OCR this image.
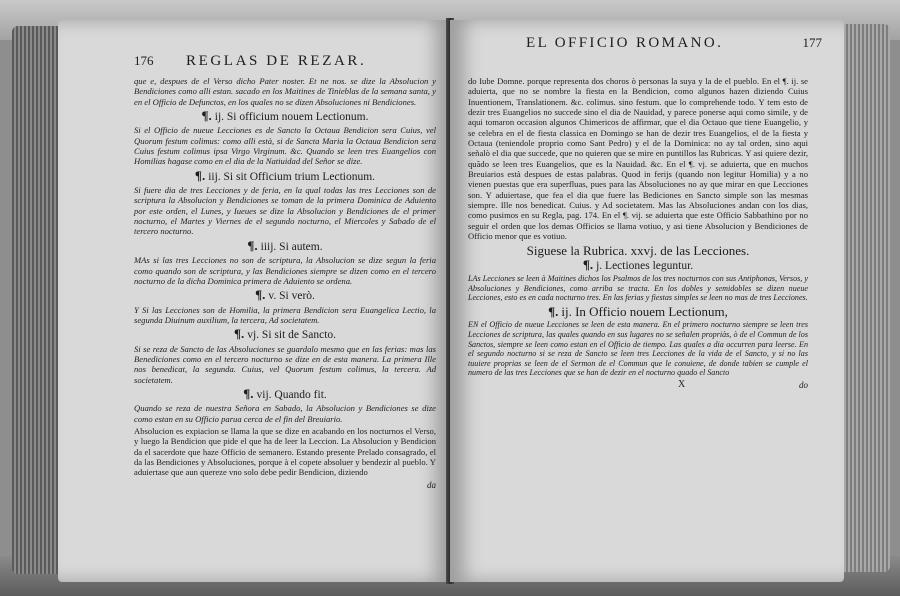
176 REGLAS DE REZAR.

que e, despues de el Verso dicho Pater noster. Et ne nos. se dize la Absolucion y Bendiciones como alli estan. sacado en los Maitines de Tinieblas de la semana santa, y en el Officio de Defunctos, en los quales no se dizen Absoluciones ni Bendiciones.

¶. ij. Si officium nouem Lectionum.

Si el Officio de nueue Lecciones es de Sancto la Octaua Bendicion sera Cuius, vel Quorum festum colimus: como alli està, si de Sancta Maria la Octaua Bendicion sera Cuius festum colimus ipsa Virgo Virginum. &c. Quando se leen tres Euangelios con Homilias hagase como en el dia de la Natiuidad del Señor se dize.

¶. iij. Si sit Officium trium Lectionum.

Si fuere dia de tres Lecciones y de feria, en la qual todas las tres Lecciones son de scriptura la Absolucion y Bendiciones se toman de la primera Dominica de Aduiento por este orden, el Lunes, y Iueues se dize la Absolucion y Bendiciones de el primer nocturno, el Martes y Viernes de el segundo nocturno, el Miercoles y Sabado de el tercero nocturno.

¶. iiij. Si autem.

MAs si las tres Lecciones no son de scriptura, la Absolucion se dize segun la feria como quando son de scriptura, y las Bendiciones siempre se dizen como en el tercero nocturno de la dicha Dominica primera de Aduiento se ordena.

¶. v. Si verò.

Y Si las Lecciones son de Homilia, la primera Bendicion sera Euangelica Lectio, la segunda Diuinum auxilium, la tercera, Ad societatem.

¶. vj. Si sit de Sancto.

Si se reza de Sancto de las Absoluciones se guardalo mesmo que en las ferias: mas las Benediciones como en el tercero nocturno se dize en de esta manera. La primera Ille nos benedicat, la segunda. Cuius, vel Quorum festum colimus, la tercera. Ad societatem.

¶. vij. Quando fit.

Quando se reza de nuestra Señora en Sabado, la Absolucion y Bendiciones se dize como estan en su Officio parua cerca de el fin del Breuiario.

Absolucion es expiacion se llama la que se dize en acabando en los nocturnos el Verso, y luego la Bendicion que pide el que ha de leer la Leccion. La Absolucion y Bendicion da el sacerdote que haze Officio de semanero. Estando presente Prelado consagrado, el da las Bendiciones y Absoluciones, porque à el copete absoluer y bendezir al pueblo. Y aduiertase que aun quereze vno solo debe pedir Bendicion, diziendo

da
EL OFFICIO ROMANO.	177

do Iube Domne. porque representa dos choros ò personas la suya y la de el pueblo. En el ¶. ij. se aduierta, que no se nombre la fiesta en la Bendicion, como algunos hazen diziendo Cuius Inuentionem, Translationem. &c. colimus. sino festum. que lo comprehende todo. Y tem esto de dezir tres Euangelios no succede sino el dia de Nauidad, y parece ponerse aqui como simile, y de aqui tomaron occasion algunos Chimericos de affirmar, que el dia Octauo que tiene Euangelio, y se celebra en el de fiesta classica en Domingo se han de dezir tres Euangelios, el de la fiesta y Octaua (teniendole proprio como Sant Pedro) y el de la Dominica: no ay tal orden, sino aqui señalò el dia que succede, que no quieren que se mire en puntillos las Rubricas. Y asi quiere dezir, quãdo se leen tres Euangelios, que es la Nauidad. &c. En el ¶. vj. se aduierta, que en muchos Breuiarios està despues de estas palabras. Quod in ferijs (quando non legitur Homilia) y a no vienen puestas que era superfluas, pues para las Absoluciones no ay que mirar en que Lecciones son. Y aduiertase, que fea el dia que fuere las Bediciones en Sancto simple son las mesmas siempre. Ille nos benedicat. Cuius. y Ad societatem. Mas las Absoluciones andan con los dias, como pusimos en su Regla, pag. 174. En el ¶. vij. se aduierta que este Officio Sabbathino por no seguir el orden que los demas Officios se llama votiuo, y asi tiene Absolucion y Bendiciones de Officio menor que es votiuo.

Siguese la Rubrica. xxvj. de las Lecciones.
¶. j. Lectiones leguntur.

LAs Lecciones se leen à Maitines dichos los Psalmos de los tres nocturnos con sus Antiphonas, Versos, y Absoluciones y Bendiciones, como arriba se tracta. En los dobles y semidobles se dizen nueue Lecciones, esto es en cada nocturno tres. En las ferias y fiestas simples se leen no mas de tres Lecciones.

¶. ij. In Officio nouem Lectionum,

EN el Officio de nueue Lecciones se leen de esta manera. En el primero nocturno siempre se leen tres Lecciones de scriptura, las quales quando en sus lugares no se señalen propriàs, ò de el Commun de los Sanctos, siempre se leen como estan en el Officio de tiempo. Las quales a dia occurren para leerse. En el segundo nocturno si se reza de Sancto se leen tres Lecciones de la vida de el Sancto, y si no las tuuiere proprias se leen de el Sermon de el Commun que le conuiene, de donde tabien se cumple el numero de las tres Lecciones que se han de dezir en el nocturno quado el Sancto

X	do
